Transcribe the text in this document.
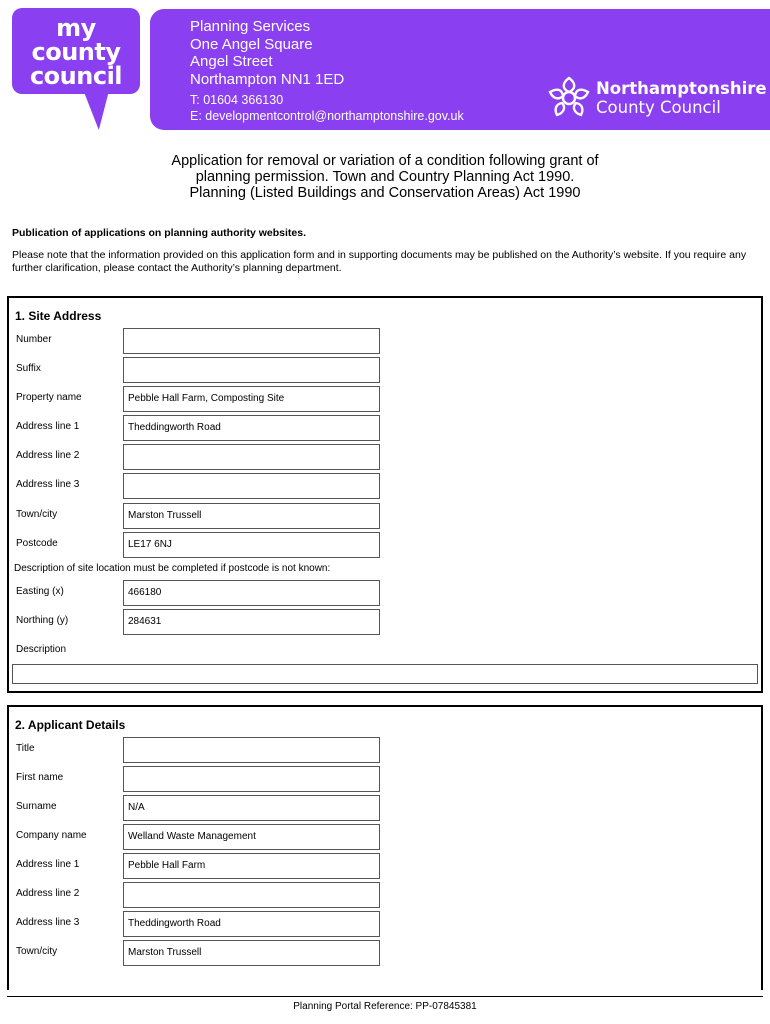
my
county
council
Planning Services
One Angel Square
Angel Street
Northampton NN1 1ED
T: 01604 366130
E: developmentcontrol@northamptonshire.gov.uk
Northamptonshire
County Council
Application for removal or variation of a condition following grant of
planning permission. Town and Country Planning Act 1990.
Planning (Listed Buildings and Conservation Areas) Act 1990
Publication of applications on planning authority websites.
Please note that the information provided on this application form and in supporting documents may be published on the Authority’s website. If you require any further clarification, please contact the Authority’s planning department.
1. Site Address
Number
Suffix
Property name	Pebble Hall Farm, Composting Site
Address line 1	Theddingworth Road
Address line 2
Address line 3
Town/city	Marston Trussell
Postcode	LE17 6NJ
Description of site location must be completed if postcode is not known:
Easting (x)	466180
Northing (y)	284631
Description
2. Applicant Details
Title
First name
Surname	N/A
Company name	Welland Waste Management
Address line 1	Pebble Hall Farm
Address line 2
Address line 3	Theddingworth Road
Town/city	Marston Trussell
Planning Portal Reference: PP-07845381
